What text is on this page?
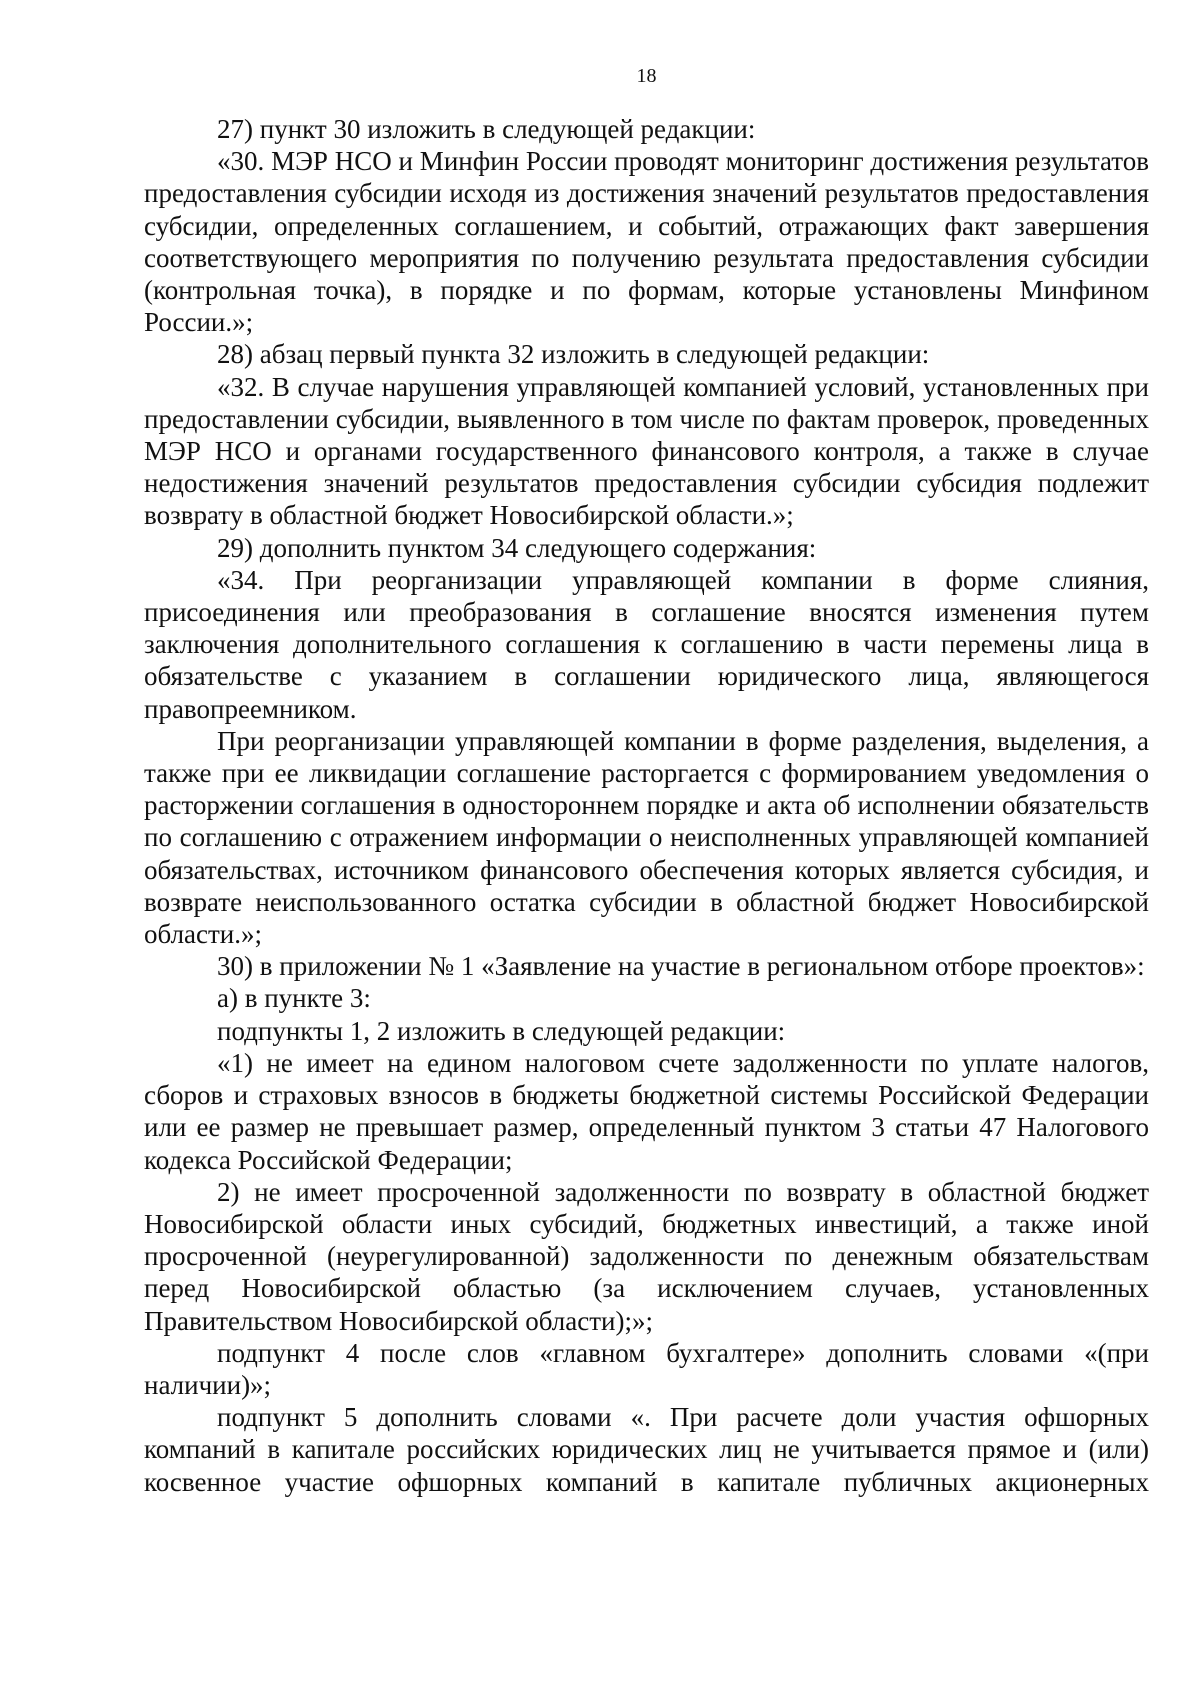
18

27) пункт 30 изложить в следующей редакции:

«30. МЭР НСО и Минфин России проводят мониторинг достижения результатов предоставления субсидии исходя из достижения значений результатов предоставления субсидии, определенных соглашением, и событий, отражающих факт завершения соответствующего мероприятия по получению результата предоставления субсидии (контрольная точка), в порядке и по формам, которые установлены Минфином России.»;

28) абзац первый пункта 32 изложить в следующей редакции:

«32. В случае нарушения управляющей компанией условий, установленных при предоставлении субсидии, выявленного в том числе по фактам проверок, проведенных МЭР НСО и органами государственного финансового контроля, а также в случае недостижения значений результатов предоставления субсидии субсидия подлежит возврату в областной бюджет Новосибирской области.»;

29) дополнить пунктом 34 следующего содержания:

«34. При реорганизации управляющей компании в форме слияния, присоединения или преобразования в соглашение вносятся изменения путем заключения дополнительного соглашения к соглашению в части перемены лица в обязательстве с указанием в соглашении юридического лица, являющегося правопреемником.

При реорганизации управляющей компании в форме разделения, выделения, а также при ее ликвидации соглашение расторгается с формированием уведомления о расторжении соглашения в одностороннем порядке и акта об исполнении обязательств по соглашению с отражением информации о неисполненных управляющей компанией обязательствах, источником финансового обеспечения которых является субсидия, и возврате неиспользованного остатка субсидии в областной бюджет Новосибирской области.»;

30) в приложении № 1 «Заявление на участие в региональном отборе проектов»:

а) в пункте 3:

подпункты 1, 2 изложить в следующей редакции:

«1) не имеет на едином налоговом счете задолженности по уплате налогов, сборов и страховых взносов в бюджеты бюджетной системы Российской Федерации или ее размер не превышает размер, определенный пунктом 3 статьи 47 Налогового кодекса Российской Федерации;

2) не имеет просроченной задолженности по возврату в областной бюджет Новосибирской области иных субсидий, бюджетных инвестиций, а также иной просроченной (неурегулированной) задолженности по денежным обязательствам перед Новосибирской областью (за исключением случаев, установленных Правительством Новосибирской области);»;

подпункт 4 после слов «главном бухгалтере» дополнить словами «(при наличии)»;

подпункт 5 дополнить словами «. При расчете доли участия офшорных компаний в капитале российских юридических лиц не учитывается прямое и (или) косвенное участие офшорных компаний в капитале публичных акционерных
